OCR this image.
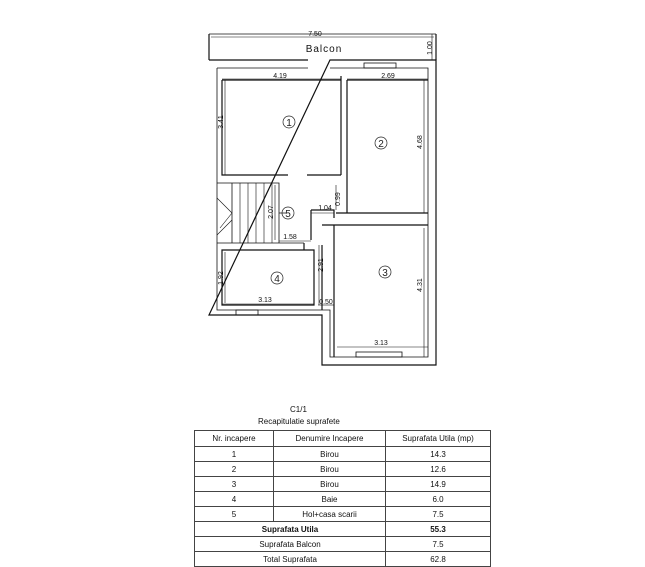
7.50
1.00
Balcon
4.19	2.69
3.41
4.68
0.99
1.04
2.07
1.58
2.91
4.31
3.13
1.92
3.13	0.50
1
2
3
4
5
C1/1
Recapitulatie suprafete
Nr. incapere	Denumire Incapere	Suprafata Utila (mp)
1	Birou	14.3
2	Birou	12.6
3	Birou	14.9
4	Baie	6.0
5	Hol+casa scarii	7.5
Suprafata Utila		55.3
Suprafata Balcon		7.5
Total Suprafata		62.8
